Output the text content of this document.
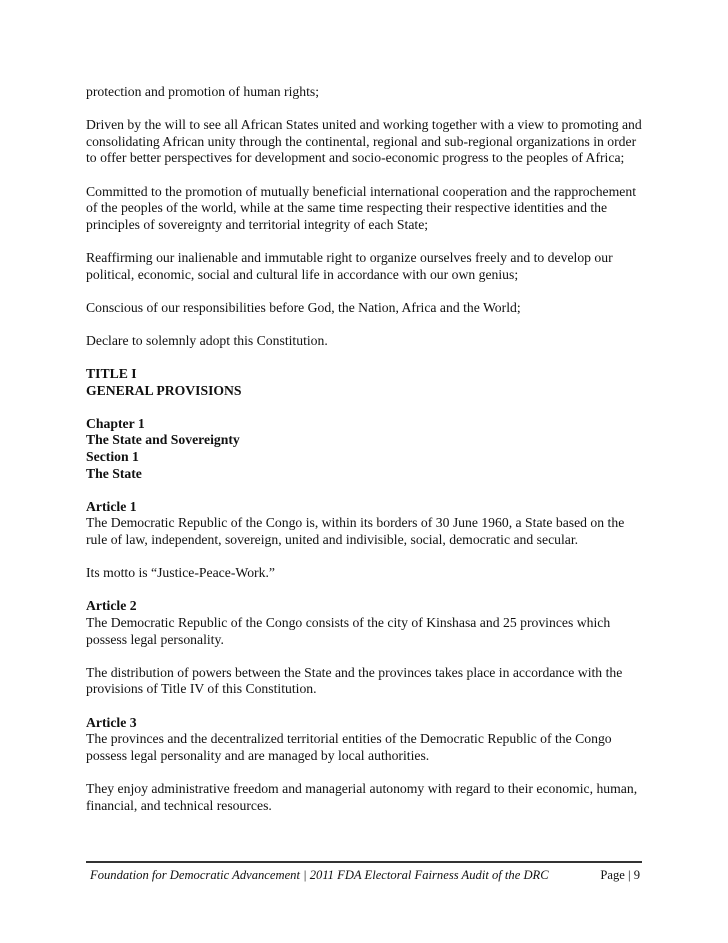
protection and promotion of human rights;

Driven by the will to see all African States united and working together with a view to promoting and consolidating African unity through the continental, regional and sub-regional organizations in order to offer better perspectives for development and socio-economic progress to the peoples of Africa;

Committed to the promotion of mutually beneficial international cooperation and the rapprochement of the peoples of the world, while at the same time respecting their respective identities and the principles of sovereignty and territorial integrity of each State;

Reaffirming our inalienable and immutable right to organize ourselves freely and to develop our political, economic, social and cultural life in accordance with our own genius;

Conscious of our responsibilities before God, the Nation, Africa and the World;

Declare to solemnly adopt this Constitution.

TITLE I
GENERAL PROVISIONS

Chapter 1
The State and Sovereignty
Section 1
The State

Article 1
The Democratic Republic of the Congo is, within its borders of 30 June 1960, a State based on the rule of law, independent, sovereign, united and indivisible, social, democratic and secular.

Its motto is “Justice-Peace-Work.”

Article 2
The Democratic Republic of the Congo consists of the city of Kinshasa and 25 provinces which possess legal personality.

The distribution of powers between the State and the provinces takes place in accordance with the provisions of Title IV of this Constitution.

Article 3
The provinces and the decentralized territorial entities of the Democratic Republic of the Congo possess legal personality and are managed by local authorities.

They enjoy administrative freedom and managerial autonomy with regard to their economic, human, financial, and technical resources.

Foundation for Democratic Advancement | 2011 FDA Electoral Fairness Audit of the DRC	Page | 9
